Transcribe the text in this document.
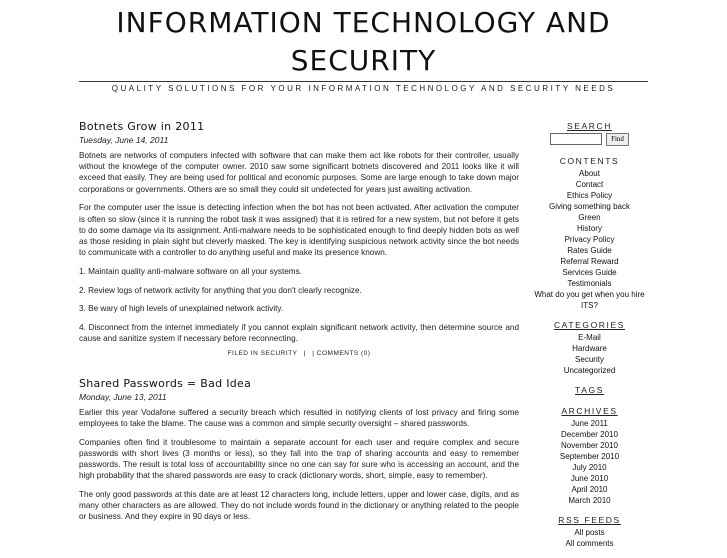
INFORMATION TECHNOLOGY AND SECURITY
QUALITY SOLUTIONS FOR YOUR INFORMATION TECHNOLOGY AND SECURITY NEEDS
Botnets Grow in 2011
Tuesday, June 14, 2011

Botnets are networks of computers infected with software that can make them act like robots for their controller, usually without the knowlege of the computer owner. 2010 saw some significant botnets discovered and 2011 looks like it will exceed that easily. They are being used for political and economic purposes. Some are large enough to take down major corporations or governments. Others are so small they could sit undetected for years just awaiting activation.

For the computer user the issue is detecting infection when the bot has not been activated. After activation the computer is often so slow (since it is running the robot task it was assigned) that it is retired for a new system, but not before it gets to do some damage via its assignment. Anti-malware needs to be sophisticated enough to find deeply hidden bots as well as those residing in plain sight but cleverly masked. The key is identifying suspicious network activity since the bot needs to communicate with a controller to do anything useful and make its presence known.

1. Maintain quality anti-malware software on all your systems.

2. Review logs of network activity for anything that you don't clearly recognize.

3. Be wary of high levels of unexplained network activity.

4. Disconnect from the internet immediately if you cannot explain significant network activity, then determine source and cause and sanitize system if necessary before reconnecting.

FILED IN SECURITY | | COMMENTS (0)
Shared Passwords = Bad Idea
Monday, June 13, 2011

Earlier this year Vodafone suffered a security breach which resulted in notifying clients of lost privacy and firing some employees to take the blame. The cause was a common and simple security oversight – shared passwords.

Companies often find it troublesome to maintain a separate account for each user and require complex and secure passwords with short lives (3 months or less), so they fall into the trap of sharing accounts and easy to remember passwords. The result is total loss of accountability since no one can say for sure who is accessing an account, and the high probability that the shared passwords are easy to crack (dictionary words, short, simple, easy to remember).

The only good passwords at this date are at least 12 characters long, include letters, upper and lower case, digits, and as many other characters as are allowed. They do not include words found in the dictionary or anything related to the people or business. And they expire in 90 days or less.

SEARCH
Find
CONTENTS
About
Contact
Ethics Policy
Giving something back
Green
History
Privacy Policy
Rates Guide
Referral Reward
Services Guide
Testimonials
What do you get when you hire ITS?
CATEGORIES
E-Mail
Hardware
Security
Uncategorized
TAGS
ARCHIVES
June 2011
December 2010
November 2010
September 2010
July 2010
June 2010
April 2010
March 2010
RSS FEEDS
All posts
All comments
